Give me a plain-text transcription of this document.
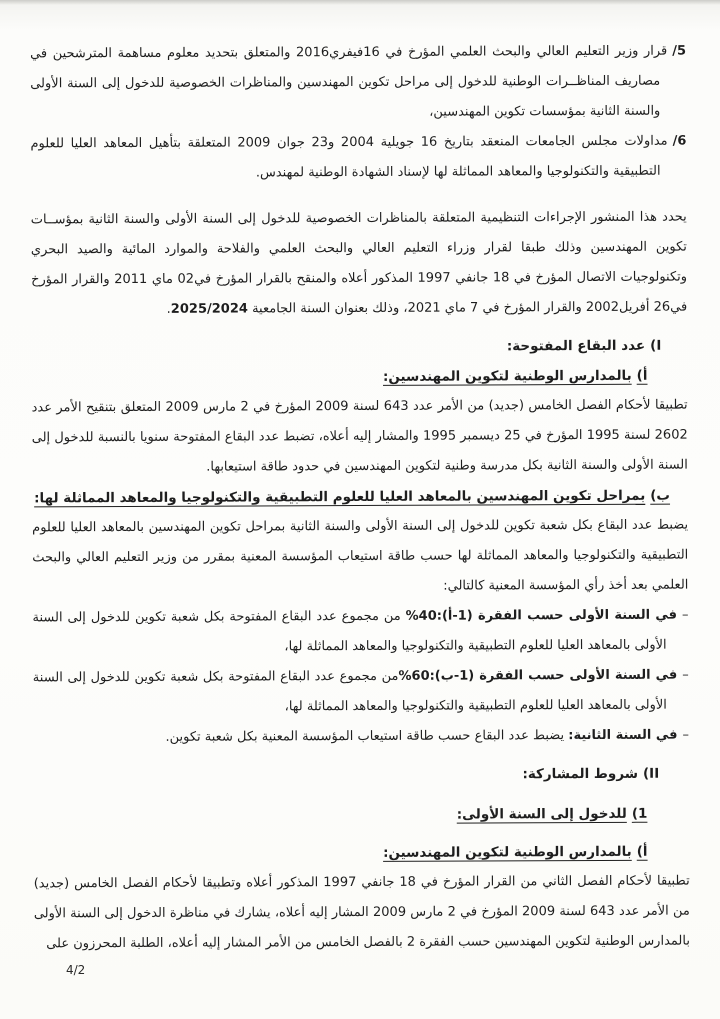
5/قرار وزير التعليم العالي والبحث العلمي المؤرخ في 16فيفري2016 والمتعلق بتحديد معلوم مساهمة المترشحين في مصاريف المناظــرات الوطنية للدخول إلى مراحل تكوين المهندسين والمناظرات الخصوصية للدخول إلى السنة الأولى والسنة الثانية بمؤسسات تكوين المهندسين،

6/مداولات مجلس الجامعات المنعقد بتاريخ 16 جويلية 2004 و23 جوان 2009 المتعلقة بتأهيل المعاهد العليا للعلوم التطبيقية والتكنولوجيا والمعاهد المماثلة لها لإسناد الشهادة الوطنية لمهندس.

يحدد هذا المنشور الإجراءات التنظيمية المتعلقة بالمناظرات الخصوصية للدخول إلى السنة الأولى والسنة الثانية بمؤســات تكوين المهندسين وذلك طبقا لقرار وزراء التعليم العالي والبحث العلمي والفلاحة والموارد المائية والصيد البحري وتكنولوجيات الاتصال المؤرخ في 18 جانفي 1997 المذكور أعلاه والمنقح بالقرار المؤرخ في02 ماي 2011 والقرار المؤرخ في26 أفريل2002 والقرار المؤرخ في 7 ماي 2021، وذلك بعنوان السنة الجامعية 2025/2024.

I)عدد البقاع المفتوحة:

أ)بالمدارس الوطنية لتكوين المهندسين:

تطبيقا لأحكام الفصل الخامس (جديد) من الأمر عدد 643 لسنة 2009 المؤرخ في 2 مارس 2009 المتعلق بتنقيح الأمر عدد 2602 لسنة 1995 المؤرخ في 25 ديسمبر 1995 والمشار إليه أعلاه، تضبط عدد البقاع المفتوحة سنويا بالنسبة للدخول إلى السنة الأولى والسنة الثانية بكل مدرسة وطنية لتكوين المهندسين في حدود طاقة استيعابها.

ب)بمراحل تكوين المهندسين بالمعاهد العليا للعلوم التطبيقية والتكنولوجيا والمعاهد المماثلة لها:

يضبط عدد البقاع بكل شعبة تكوين للدخول إلى السنة الأولى والسنة الثانية بمراحل تكوين المهندسين بالمعاهد العليا للعلوم التطبيقية والتكنولوجيا والمعاهد المماثلة لها حسب طاقة استيعاب المؤسسة المعنية بمقرر من وزير التعليم العالي والبحث العلمي بعد أخذ رأي المؤسسة المعنية كالتالي:

–في السنة الأولى حسب الفقرة (1-أ):40% من مجموع عدد البقاع المفتوحة بكل شعبة تكوين للدخول إلى السنة الأولى بالمعاهد العليا للعلوم التطبيقية والتكنولوجيا والمعاهد المماثلة لها،

–في السنة الأولى حسب الفقرة (1-ب):60%من مجموع عدد البقاع المفتوحة بكل شعبة تكوين للدخول إلى السنة الأولى بالمعاهد العليا للعلوم التطبيقية والتكنولوجيا والمعاهد المماثلة لها،

–في السنة الثانية: يضبط عدد البقاع حسب طاقة استيعاب المؤسسة المعنية بكل شعبة تكوين.

II)شروط المشاركة:

1)للدخول إلى السنة الأولى:

أ)بالمدارس الوطنية لتكوين المهندسين:

تطبيقا لأحكام الفصل الثاني من القرار المؤرخ في 18 جانفي 1997 المذكور أعلاه وتطبيقا لأحكام الفصل الخامس (جديد) من الأمر عدد 643 لسنة 2009 المؤرخ في 2 مارس 2009 المشار إليه أعلاه، يشارك في مناظرة الدخول إلى السنة الأولى بالمدارس الوطنية لتكوين المهندسين حسب الفقرة 2 بالفصل الخامس من الأمر المشار إليه أعلاه، الطلبة المحرزون على

4/2
